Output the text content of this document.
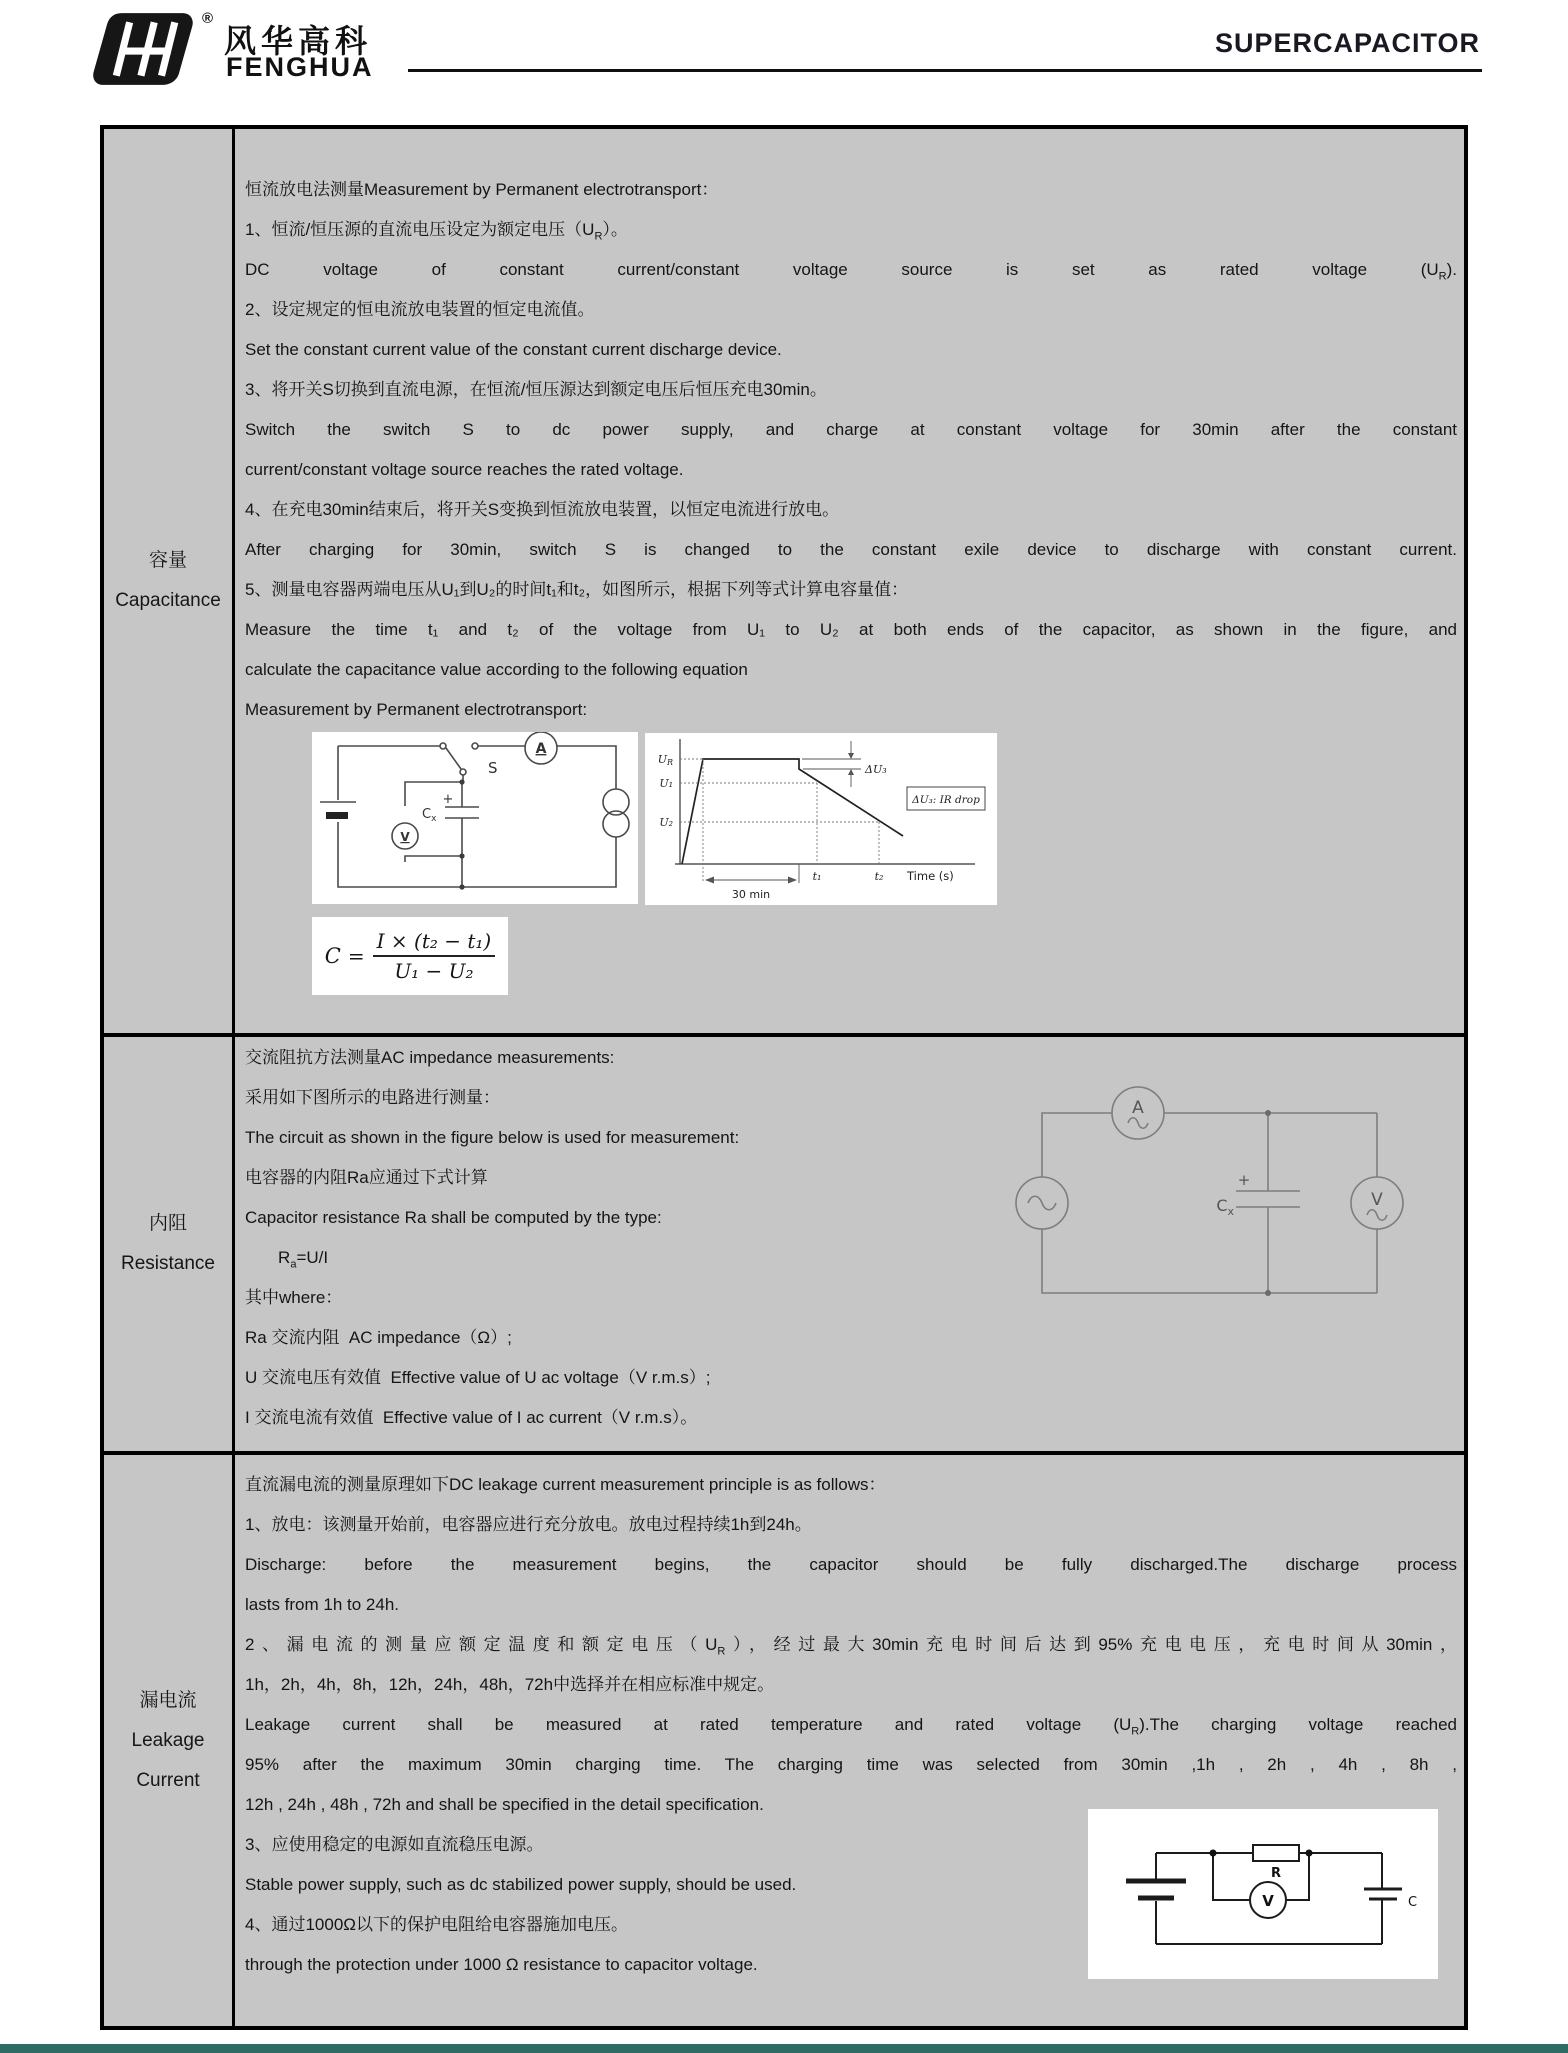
®
风华高科
FENGHUA
SUPERCAPACITOR
容量
Capacitance
恒流放电法测量Measurement by Permanent electrotransport：
1、恒流/恒压源的直流电压设定为额定电压$(U_R)$。
DC voltage of constant current/constant voltage source is set as rated voltage $(U_R)$.
2、设定规定的恒电流放电装置的恒定电流值。
Set the constant current value of the constant current discharge device.
3、将开关S切换到直流电源，在恒流/恒压源达到额定电压后恒压充电30min。
Switch the switch S to dc power supply, and charge at constant voltage for 30min after the constant
current/constant voltage source reaches the rated voltage.
4、在充电30min结束后，将开关S变换到恒流放电装置，以恒定电流进行放电。
After charging for 30min, switch S is changed to the constant exile device to discharge with constant current.
5、测量电容器两端电压从U₁到U₂的时间t₁和t₂，如图所示，根据下列等式计算电容量值：
Measure the time t₁ and t₂ of the voltage from U₁ to U₂ at both ends of the capacitor, as shown in the figure, and
calculate the capacitance value according to the following equation
Measurement by Permanent electrotransport:
S
A
V
+
$C_x$
UR
U₁
U₂
ΔU₃
ΔU₃: IR drop
30 min
t₁	t₂ Time (s)
$C = \frac{\text{I × (t₂ − t₁)}}{\text{U₁ − U₂}}$
内阻
Resistance
交流阻抗方法测量AC impedance measurements:
采用如下图所示的电路进行测量：
The circuit as shown in the figure below is used for measurement:
电容器的内阻Ra应通过下式计算
Capacitor resistance Ra shall be computed by the type:
$R_a=U/I$
其中where：
Ra 交流内阻  AC impedance（Ω）;
U 交流电压有效值  Effective value of U ac voltage（V r.m.s）;
I 交流电流有效值  Effective value of I ac current（V r.m.s）。
A
V
+
$C_x$
漏电流
Leakage
Current
直流漏电流的测量原理如下DC leakage current measurement principle is as follows：
1、放电：该测量开始前，电容器应进行充分放电。放电过程持续1h到24h。
Discharge: before the measurement begins, the capacitor should be fully discharged.The discharge process
lasts from 1h to 24h.
2、漏电流的测量应额定温度和额定电压$(U_R)$，经过最大30min充电时间后达到95%充电电压，充电时间从30min，
1h，2h，4h，8h，12h，24h，48h，72h中选择并在相应标准中规定。
Leakage current shall be measured at rated temperature and rated voltage $(U_R).The$ charging voltage reached
95% after the maximum 30min charging time. The charging time was selected from 30min ,1h , 2h , 4h , 8h ,
12h , 24h , 48h , 72h and shall be specified in the detail specification.
3、应使用稳定的电源如直流稳压电源。
Stable power supply, such as dc stabilized power supply, should be used.
4、通过1000Ω以下的保护电阻给电容器施加电压。
through the protection under 1000 Ω resistance to capacitor voltage.
R
V	C
